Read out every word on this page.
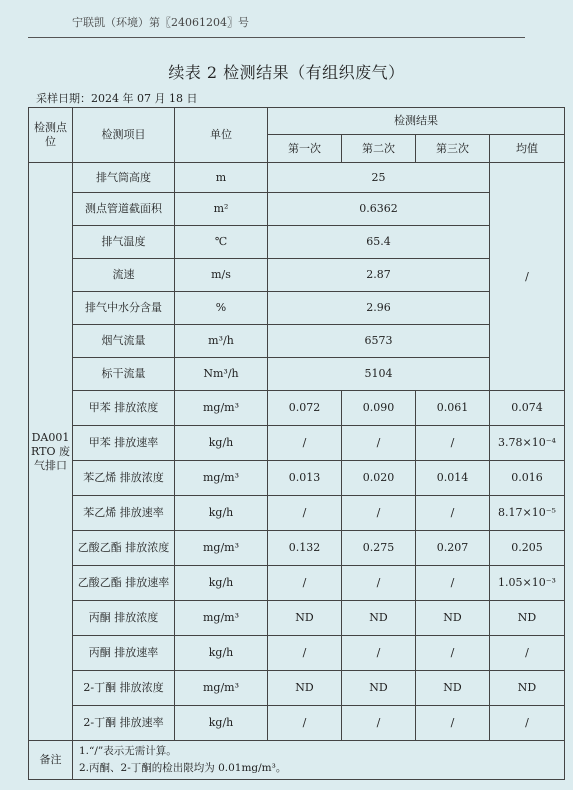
宁联凯（环境）第〖24061204〗号
续表 2 检测结果（有组织废气）
采样日期：2024 年 07 月 18 日
检测点位	检测项目	单位	检测结果			
			第一次	第二次	第三次	均值
DA001 RTO 废气排口	排气筒高度	m	25			/
	测点管道截面积	m²	0.6362			
	排气温度	℃	65.4			
	流速	m/s	2.87			
	排气中水分含量	%	2.96			
	烟气流量	m³/h	6573			
	标干流量	Nm³/h	5104			
	甲苯 排放浓度	mg/m³	0.072	0.090	0.061	0.074
	甲苯 排放速率	kg/h	/	/	/	3.78×10⁻⁴
	苯乙烯 排放浓度	mg/m³	0.013	0.020	0.014	0.016
	苯乙烯 排放速率	kg/h	/	/	/	8.17×10⁻⁵
	乙酸乙酯 排放浓度	mg/m³	0.132	0.275	0.207	0.205
	乙酸乙酯 排放速率	kg/h	/	/	/	1.05×10⁻³
	丙酮 排放浓度	mg/m³	ND	ND	ND	ND
	丙酮 排放速率	kg/h	/	/	/	/
	2-丁酮 排放浓度	mg/m³	ND	ND	ND	ND
	2-丁酮 排放速率	kg/h	/	/	/	/
备注	1.“/”表示无需计算。
2.丙酮、2-丁酮的检出限均为 0.01mg/m³。					
